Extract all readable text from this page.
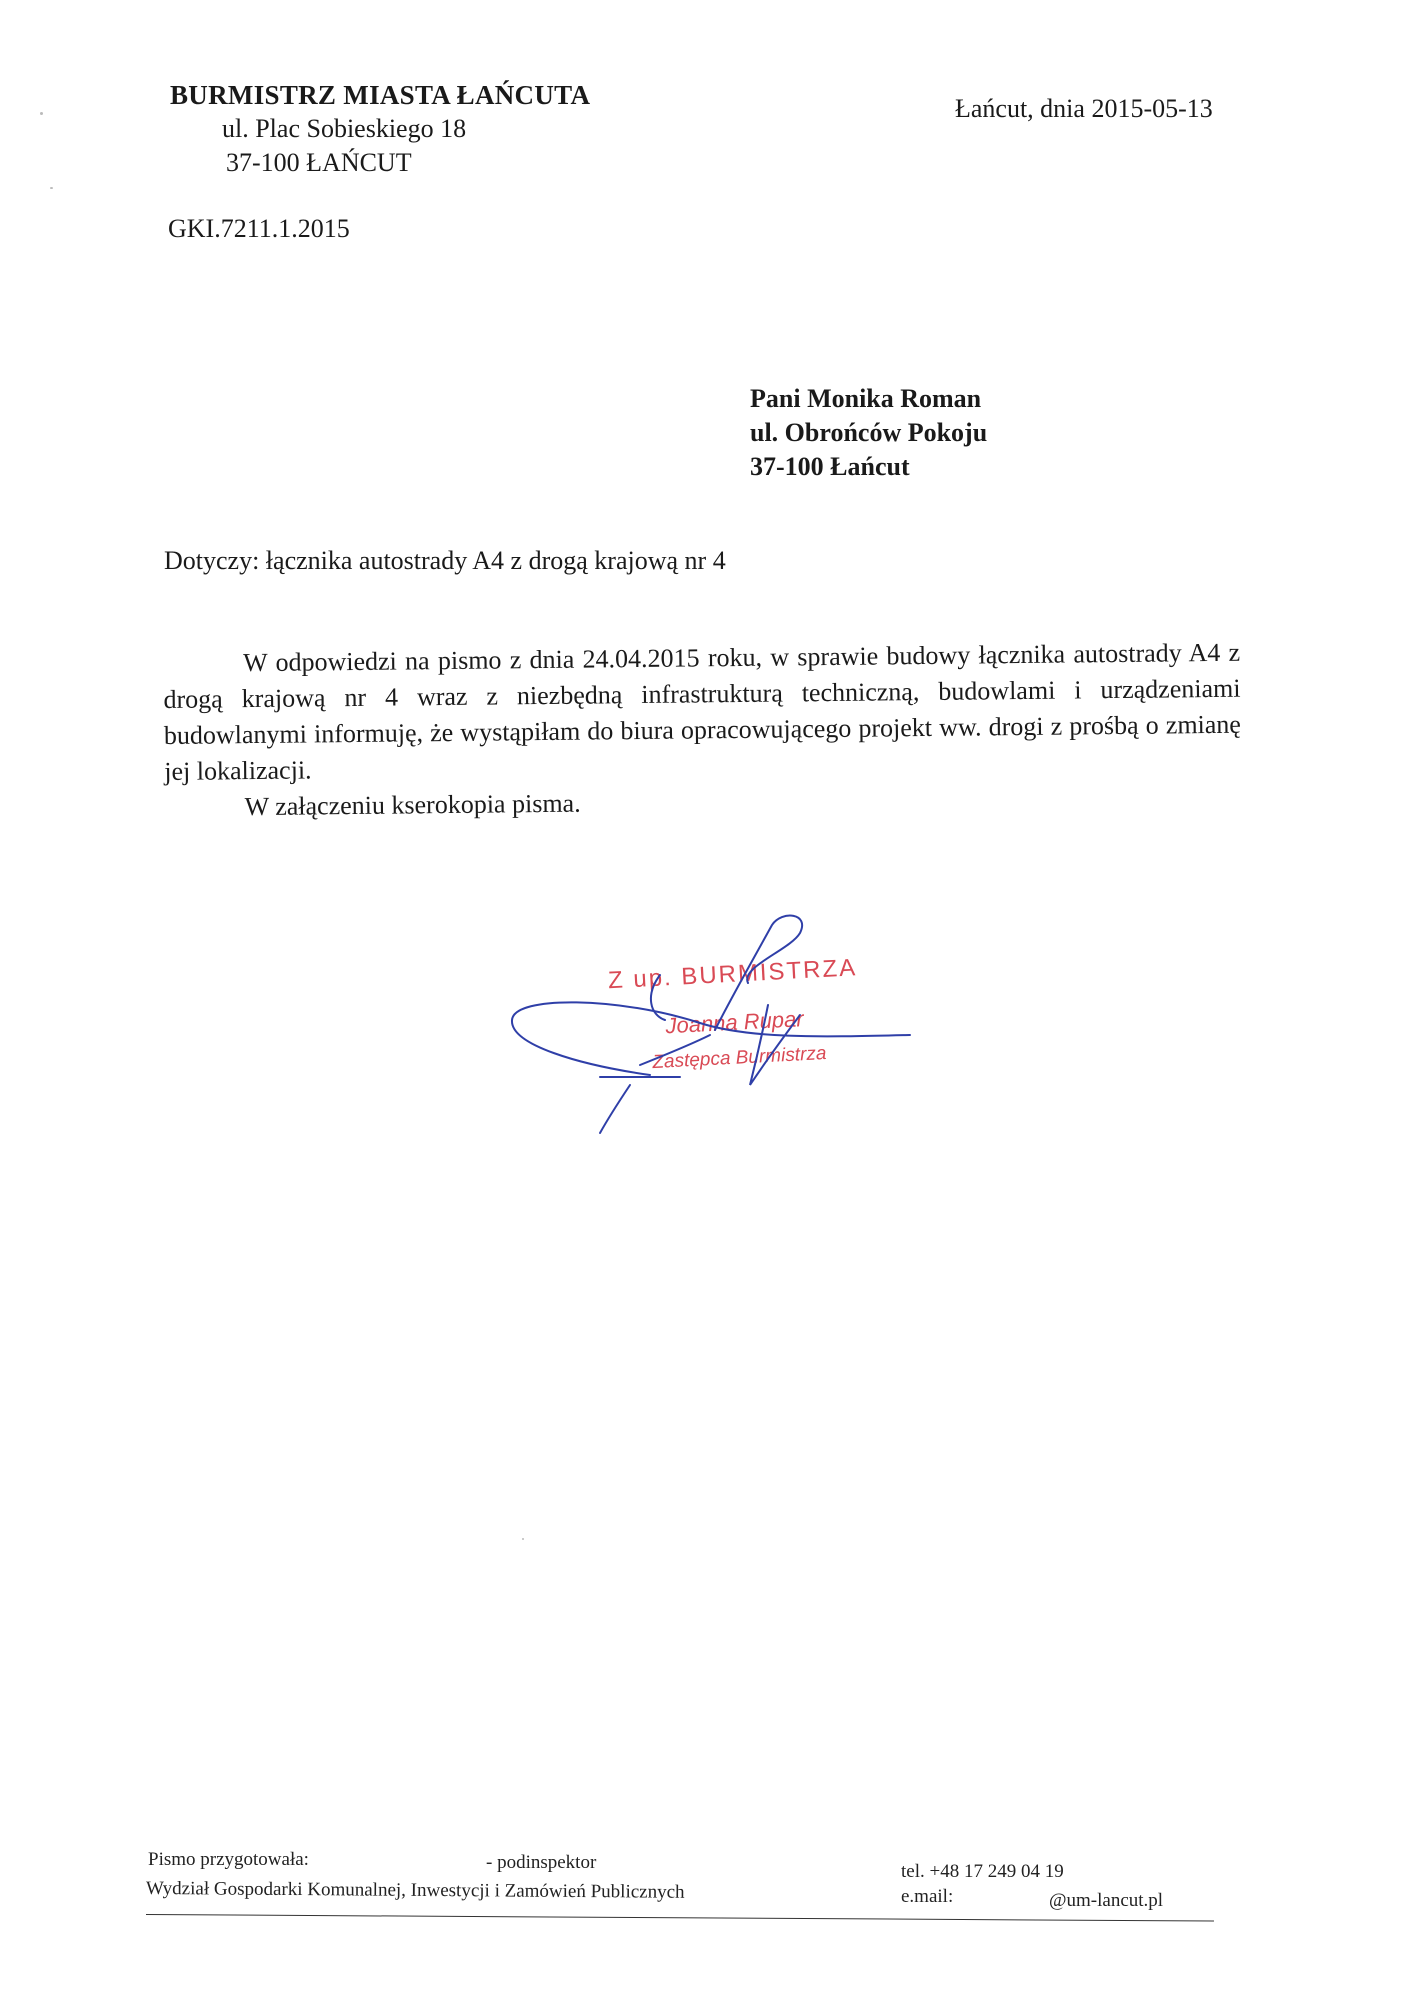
BURMISTRZ MIASTA ŁAŃCUTA
ul. Plac Sobieskiego 18
37-100 ŁAŃCUT
Łańcut, dnia 2015-05-13
GKI.7211.1.2015
Pani Monika Roman
ul. Obrońców Pokoju
37-100 Łańcut
Dotyczy: łącznika autostrady A4 z drogą krajową nr 4

W odpowiedzi na pismo z dnia 24.04.2015 roku, w sprawie budowy łącznika autostrady A4 z drogą krajową nr 4 wraz z niezbędną infrastrukturą techniczną, budowlami i urządzeniami budowlanymi informuję, że wystąpiłam do biura opracowującego projekt ww. drogi z prośbą o zmianę jej lokalizacji.

W załączeniu kserokopia pisma.

Z up. BURMISTRZA
Joanna Rupar
Zastępca Burmistrza
Pismo przygotowała:	- podinspektor
Wydział Gospodarki Komunalnej, Inwestycji i Zamówień Publicznych
tel. +48 17 249 04 19
e.mail:	@um-lancut.pl
